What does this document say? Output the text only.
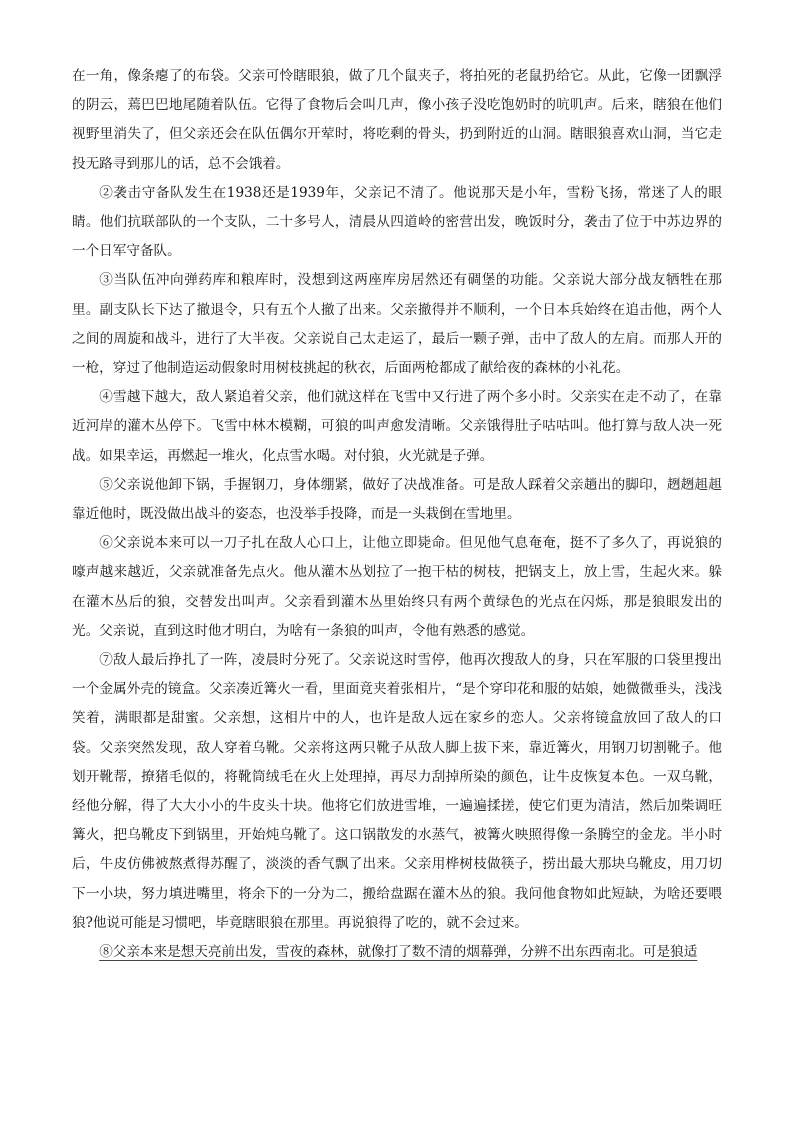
在一角，像条瘪了的布袋。父亲可怜瞎眼狼，做了几个鼠夹子，将拍死的老鼠扔给它。从此，它像一团飘浮的阴云，蔫巴巴地尾随着队伍。它得了食物后会叫几声，像小孩子没吃饱奶时的吭叽声。后来，瞎狼在他们视野里消失了，但父亲还会在队伍偶尔开荤时，将吃剩的骨头，扔到附近的山洞。瞎眼狼喜欢山洞，当它走投无路寻到那儿的话，总不会饿着。

②袭击守备队发生在1938还是1939年，父亲记不清了。他说那天是小年，雪粉飞扬，常迷了人的眼睛。他们抗联部队的一个支队，二十多号人，清晨从四道岭的密营出发，晚饭时分，袭击了位于中苏边界的一个日军守备队。

③当队伍冲向弹药库和粮库时，没想到这两座库房居然还有碉堡的功能。父亲说大部分战友牺牲在那里。副支队长下达了撤退令，只有五个人撤了出来。父亲撤得并不顺利，一个日本兵始终在追击他，两个人之间的周旋和战斗，进行了大半夜。父亲说自己太走运了，最后一颗子弹，击中了敌人的左肩。而那人开的一枪，穿过了他制造运动假象时用树枝挑起的秋衣，后面两枪都成了献给夜的森林的小礼花。

④雪越下越大，敌人紧追着父亲，他们就这样在飞雪中又行进了两个多小时。父亲实在走不动了，在靠近河岸的灌木丛停下。飞雪中林木模糊，可狼的叫声愈发清晰。父亲饿得肚子咕咕叫。他打算与敌人决一死战。如果幸运，再燃起一堆火，化点雪水喝。对付狼，火光就是子弹。

⑤父亲说他卸下锅，手握钢刀，身体绷紧，做好了决战准备。可是敌人踩着父亲趟出的脚印，趔趔趄趄靠近他时，既没做出战斗的姿态，也没举手投降，而是一头栽倒在雪地里。

⑥父亲说本来可以一刀子扎在敌人心口上，让他立即毙命。但见他气息奄奄，挺不了多久了，再说狼的嚎声越来越近，父亲就准备先点火。他从灌木丛划拉了一抱干枯的树枝，把锅支上，放上雪，生起火来。躲在灌木丛后的狼，交替发出叫声。父亲看到灌木丛里始终只有两个黄绿色的光点在闪烁，那是狼眼发出的光。父亲说，直到这时他才明白，为啥有一条狼的叫声，令他有熟悉的感觉。

⑦敌人最后挣扎了一阵，凌晨时分死了。父亲说这时雪停，他再次搜敌人的身，只在军服的口袋里搜出一个金属外壳的镜盒。父亲凑近篝火一看，里面竟夹着张相片，“是个穿印花和服的姑娘，她微微垂头，浅浅笑着，满眼都是甜蜜。父亲想，这相片中的人，也许是敌人远在家乡的恋人。父亲将镜盒放回了敌人的口袋。父亲突然发现，敌人穿着乌靴。父亲将这两只靴子从敌人脚上拔下来，靠近篝火，用钢刀切割靴子。他划开靴帮，撩猪毛似的，将靴筒绒毛在火上处理掉，再尽力刮掉所染的颜色，让牛皮恢复本色。一双乌靴，经他分解，得了大大小小的牛皮头十块。他将它们放进雪堆，一遍遍揉搓，使它们更为清洁，然后加柴调旺篝火，把乌靴皮下到锅里，开始炖乌靴了。这口锅散发的水蒸气，被篝火映照得像一条腾空的金龙。半小时后，牛皮仿佛被熬煮得苏醒了，淡淡的香气飘了出来。父亲用桦树枝做筷子，捞出最大那块乌靴皮，用刀切下一小块，努力填进嘴里，将余下的一分为二，搬给盘踞在灌木丛的狼。我问他食物如此短缺，为啥还要喂狼?他说可能是习惯吧，毕竟瞎眼狼在那里。再说狼得了吃的，就不会过来。

⑧父亲本来是想天亮前出发，雪夜的森林，就像打了数不清的烟幕弹，分辨不出东西南北。可是狼适
